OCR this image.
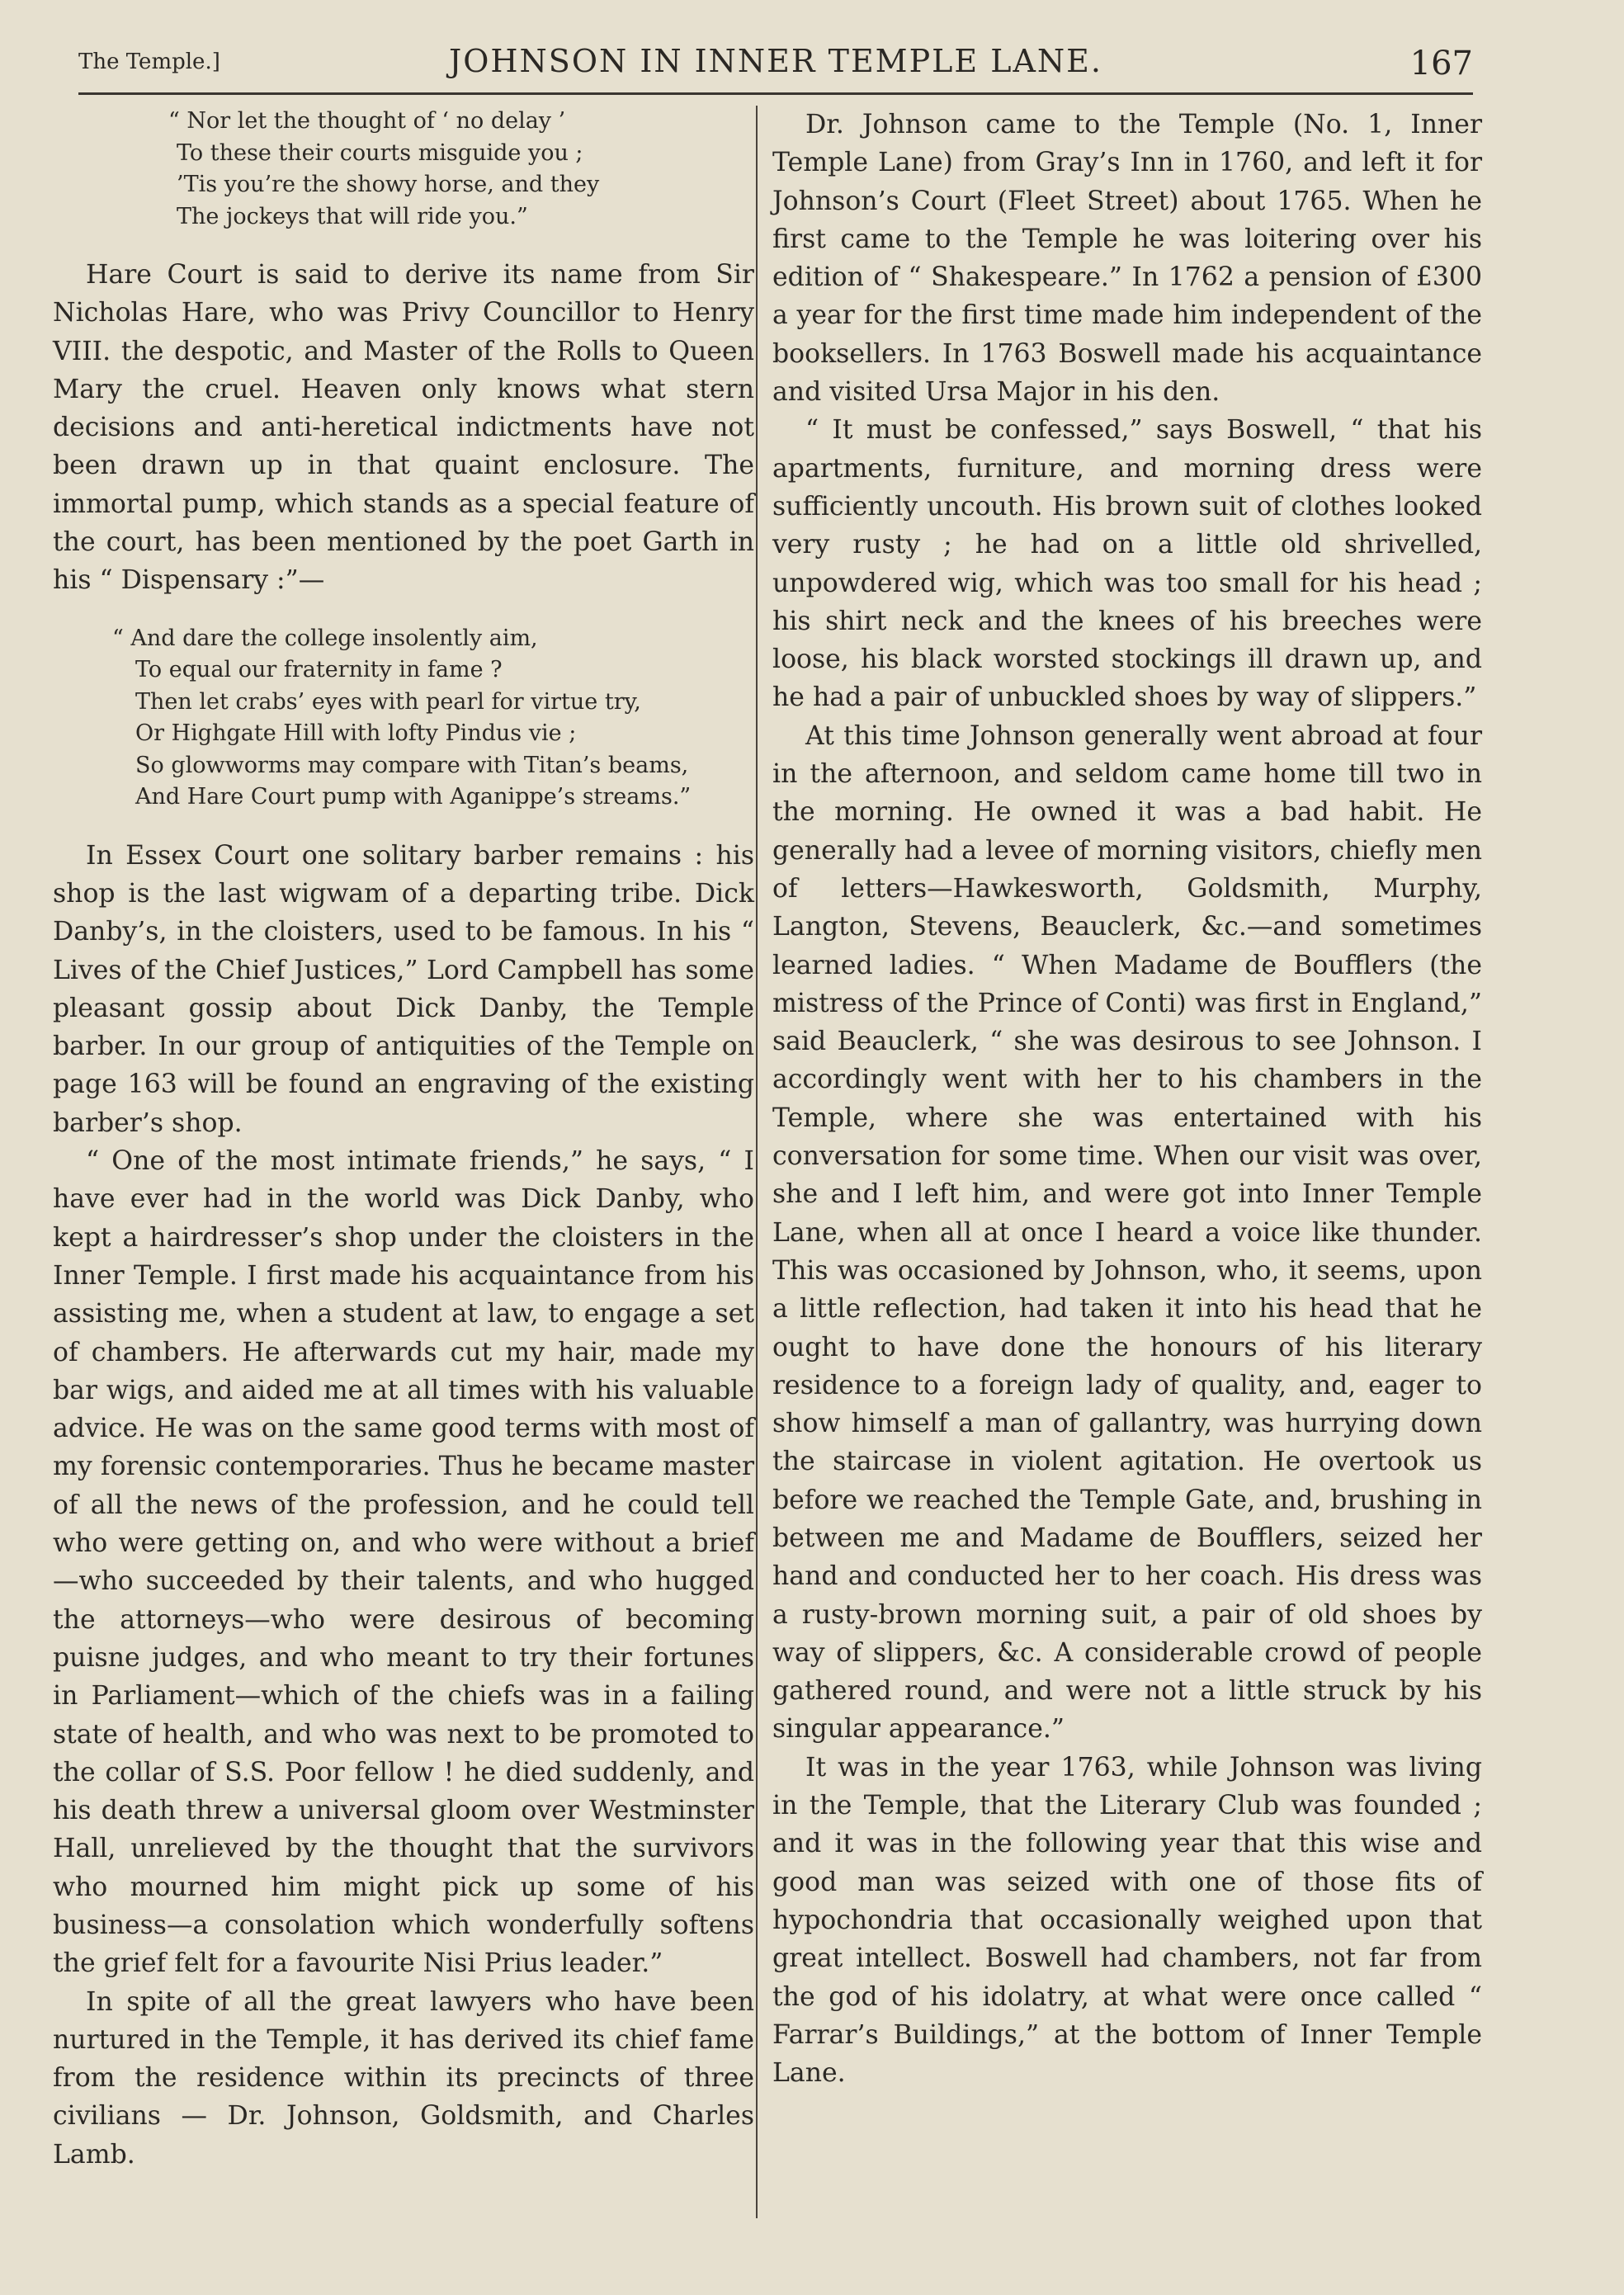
The Temple.]	JOHNSON IN INNER TEMPLE LANE.	167
“ Nor let the thought of ‘ no delay ’
To these their courts misguide you ;
’Tis you’re the showy horse, and they
The jockeys that will ride you.”

Hare Court is said to derive its name from Sir Nicholas Hare, who was Privy Councillor to Henry VIII. the despotic, and Master of the Rolls to Queen Mary the cruel. Heaven only knows what stern decisions and anti-heretical indictments have not been drawn up in that quaint enclosure. The immortal pump, which stands as a special feature of the court, has been mentioned by the poet Garth in his “ Dispensary :”—

“ And dare the college insolently aim,
To equal our fraternity in fame ?
Then let crabs’ eyes with pearl for virtue try,
Or Highgate Hill with lofty Pindus vie ;
So glowworms may compare with Titan’s beams,
And Hare Court pump with Aganippe’s streams.”

In Essex Court one solitary barber remains : his shop is the last wigwam of a departing tribe. Dick Danby’s, in the cloisters, used to be famous. In his “ Lives of the Chief Justices,” Lord Campbell has some pleasant gossip about Dick Danby, the Temple barber. In our group of antiquities of the Temple on page 163 will be found an engraving of the existing barber’s shop.

“ One of the most intimate friends,” he says, “ I have ever had in the world was Dick Danby, who kept a hairdresser’s shop under the cloisters in the Inner Temple. I first made his acquaintance from his assisting me, when a student at law, to engage a set of chambers. He afterwards cut my hair, made my bar wigs, and aided me at all times with his valuable advice. He was on the same good terms with most of my forensic contemporaries. Thus he became master of all the news of the profession, and he could tell who were getting on, and who were without a brief—who succeeded by their talents, and who hugged the attorneys—who were desirous of becoming puisne judges, and who meant to try their fortunes in Parliament—which of the chiefs was in a failing state of health, and who was next to be promoted to the collar of S.S. Poor fellow ! he died suddenly, and his death threw a universal gloom over Westminster Hall, unrelieved by the thought that the survivors who mourned him might pick up some of his business—a consolation which wonderfully softens the grief felt for a favourite Nisi Prius leader.”

In spite of all the great lawyers who have been nurtured in the Temple, it has derived its chief fame from the residence within its precincts of three civilians — Dr. Johnson, Goldsmith, and Charles Lamb.

Dr. Johnson came to the Temple (No. 1, Inner Temple Lane) from Gray’s Inn in 1760, and left it for Johnson’s Court (Fleet Street) about 1765. When he first came to the Temple he was loitering over his edition of “ Shakespeare.” In 1762 a pension of £300 a year for the first time made him independent of the booksellers. In 1763 Boswell made his acquaintance and visited Ursa Major in his den.

“ It must be confessed,” says Boswell, “ that his apartments, furniture, and morning dress were sufficiently uncouth. His brown suit of clothes looked very rusty ; he had on a little old shrivelled, unpowdered wig, which was too small for his head ; his shirt neck and the knees of his breeches were loose, his black worsted stockings ill drawn up, and he had a pair of unbuckled shoes by way of slippers.”

At this time Johnson generally went abroad at four in the afternoon, and seldom came home till two in the morning. He owned it was a bad habit. He generally had a levee of morning visitors, chiefly men of letters—Hawkesworth, Goldsmith, Murphy, Langton, Stevens, Beauclerk, &c.—and sometimes learned ladies. “ When Madame de Boufflers (the mistress of the Prince of Conti) was first in England,” said Beauclerk, “ she was desirous to see Johnson. I accordingly went with her to his chambers in the Temple, where she was entertained with his conversation for some time. When our visit was over, she and I left him, and were got into Inner Temple Lane, when all at once I heard a voice like thunder. This was occasioned by Johnson, who, it seems, upon a little reflection, had taken it into his head that he ought to have done the honours of his literary residence to a foreign lady of quality, and, eager to show himself a man of gallantry, was hurrying down the staircase in violent agitation. He overtook us before we reached the Temple Gate, and, brushing in between me and Madame de Boufflers, seized her hand and conducted her to her coach. His dress was a rusty-brown morning suit, a pair of old shoes by way of slippers, &c. A considerable crowd of people gathered round, and were not a little struck by his singular appearance.”

It was in the year 1763, while Johnson was living in the Temple, that the Literary Club was founded ; and it was in the following year that this wise and good man was seized with one of those fits of hypochondria that occasionally weighed upon that great intellect. Boswell had chambers, not far from the god of his idolatry, at what were once called “ Farrar’s Buildings,” at the bottom of Inner Temple Lane.
